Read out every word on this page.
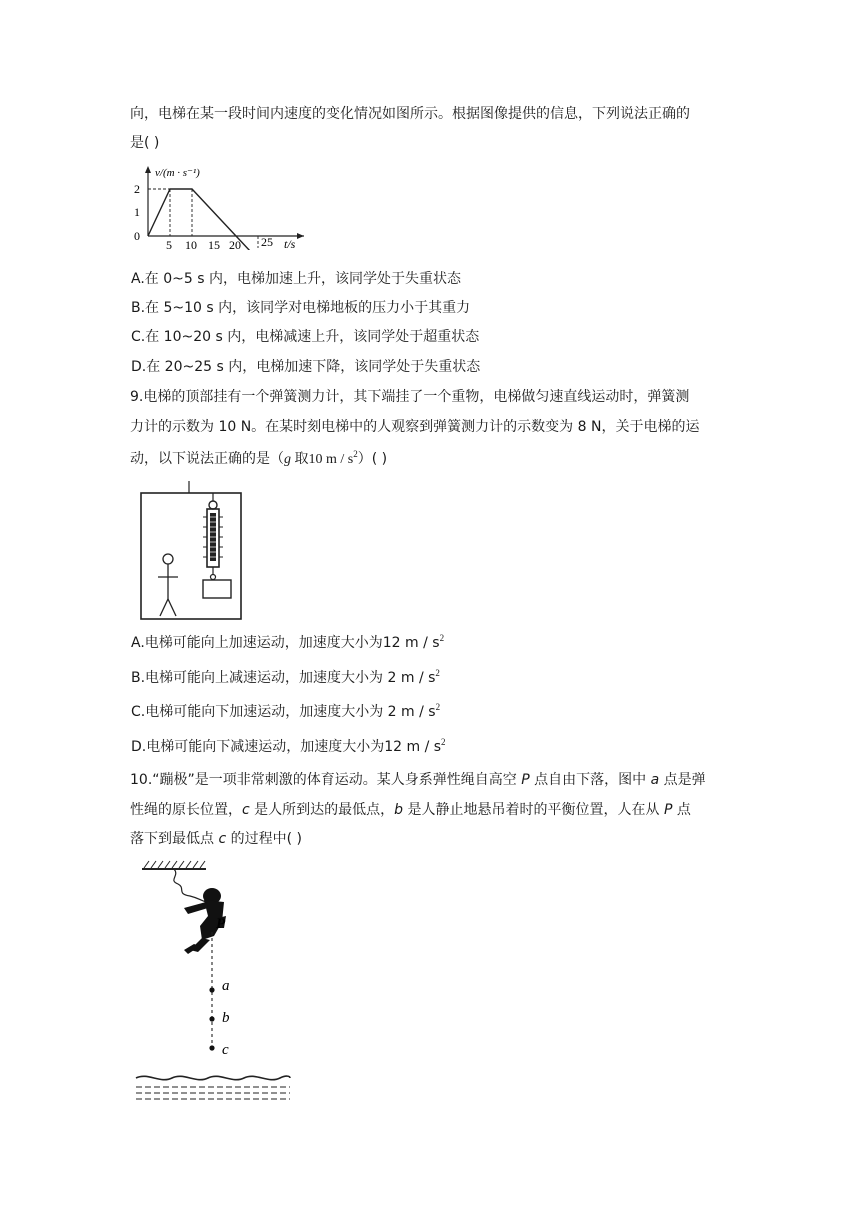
向，电梯在某一段时间内速度的变化情况如图所示。根据图像提供的信息，下列说法正确的
是( )
2
1
0
5 10 15 20 25 t/s
v/(m · s⁻¹)
A.在 0~5 s 内，电梯加速上升，该同学处于失重状态
B.在 5~10 s 内，该同学对电梯地板的压力小于其重力
C.在 10~20 s 内，电梯减速上升，该同学处于超重状态
D.在 20~25 s 内，电梯加速下降，该同学处于失重状态
9.电梯的顶部挂有一个弹簧测力计，其下端挂了一个重物，电梯做匀速直线运动时，弹簧测
力计的示数为 10 N。在某时刻电梯中的人观察到弹簧测力计的示数变为 8 N，关于电梯的运
动，以下说法正确的是（g 取10 m / $s^2$）( )
A.电梯可能向上加速运动，加速度大小为12 m / $s^2$
B.电梯可能向上减速运动，加速度大小为 2 m / $s^2$
C.电梯可能向下加速运动，加速度大小为 2 m / $s^2$
D.电梯可能向下减速运动，加速度大小为12 m / $s^2$
10.“蹦极”是一项非常刺激的体育运动。某人身系弹性绳自高空 P 点自由下落，图中 a 点是弹
性绳的原长位置，c 是人所到达的最低点，b 是人静止地悬吊着时的平衡位置，人在从 P 点
落下到最低点 c 的过程中( )
P
a
b
c
